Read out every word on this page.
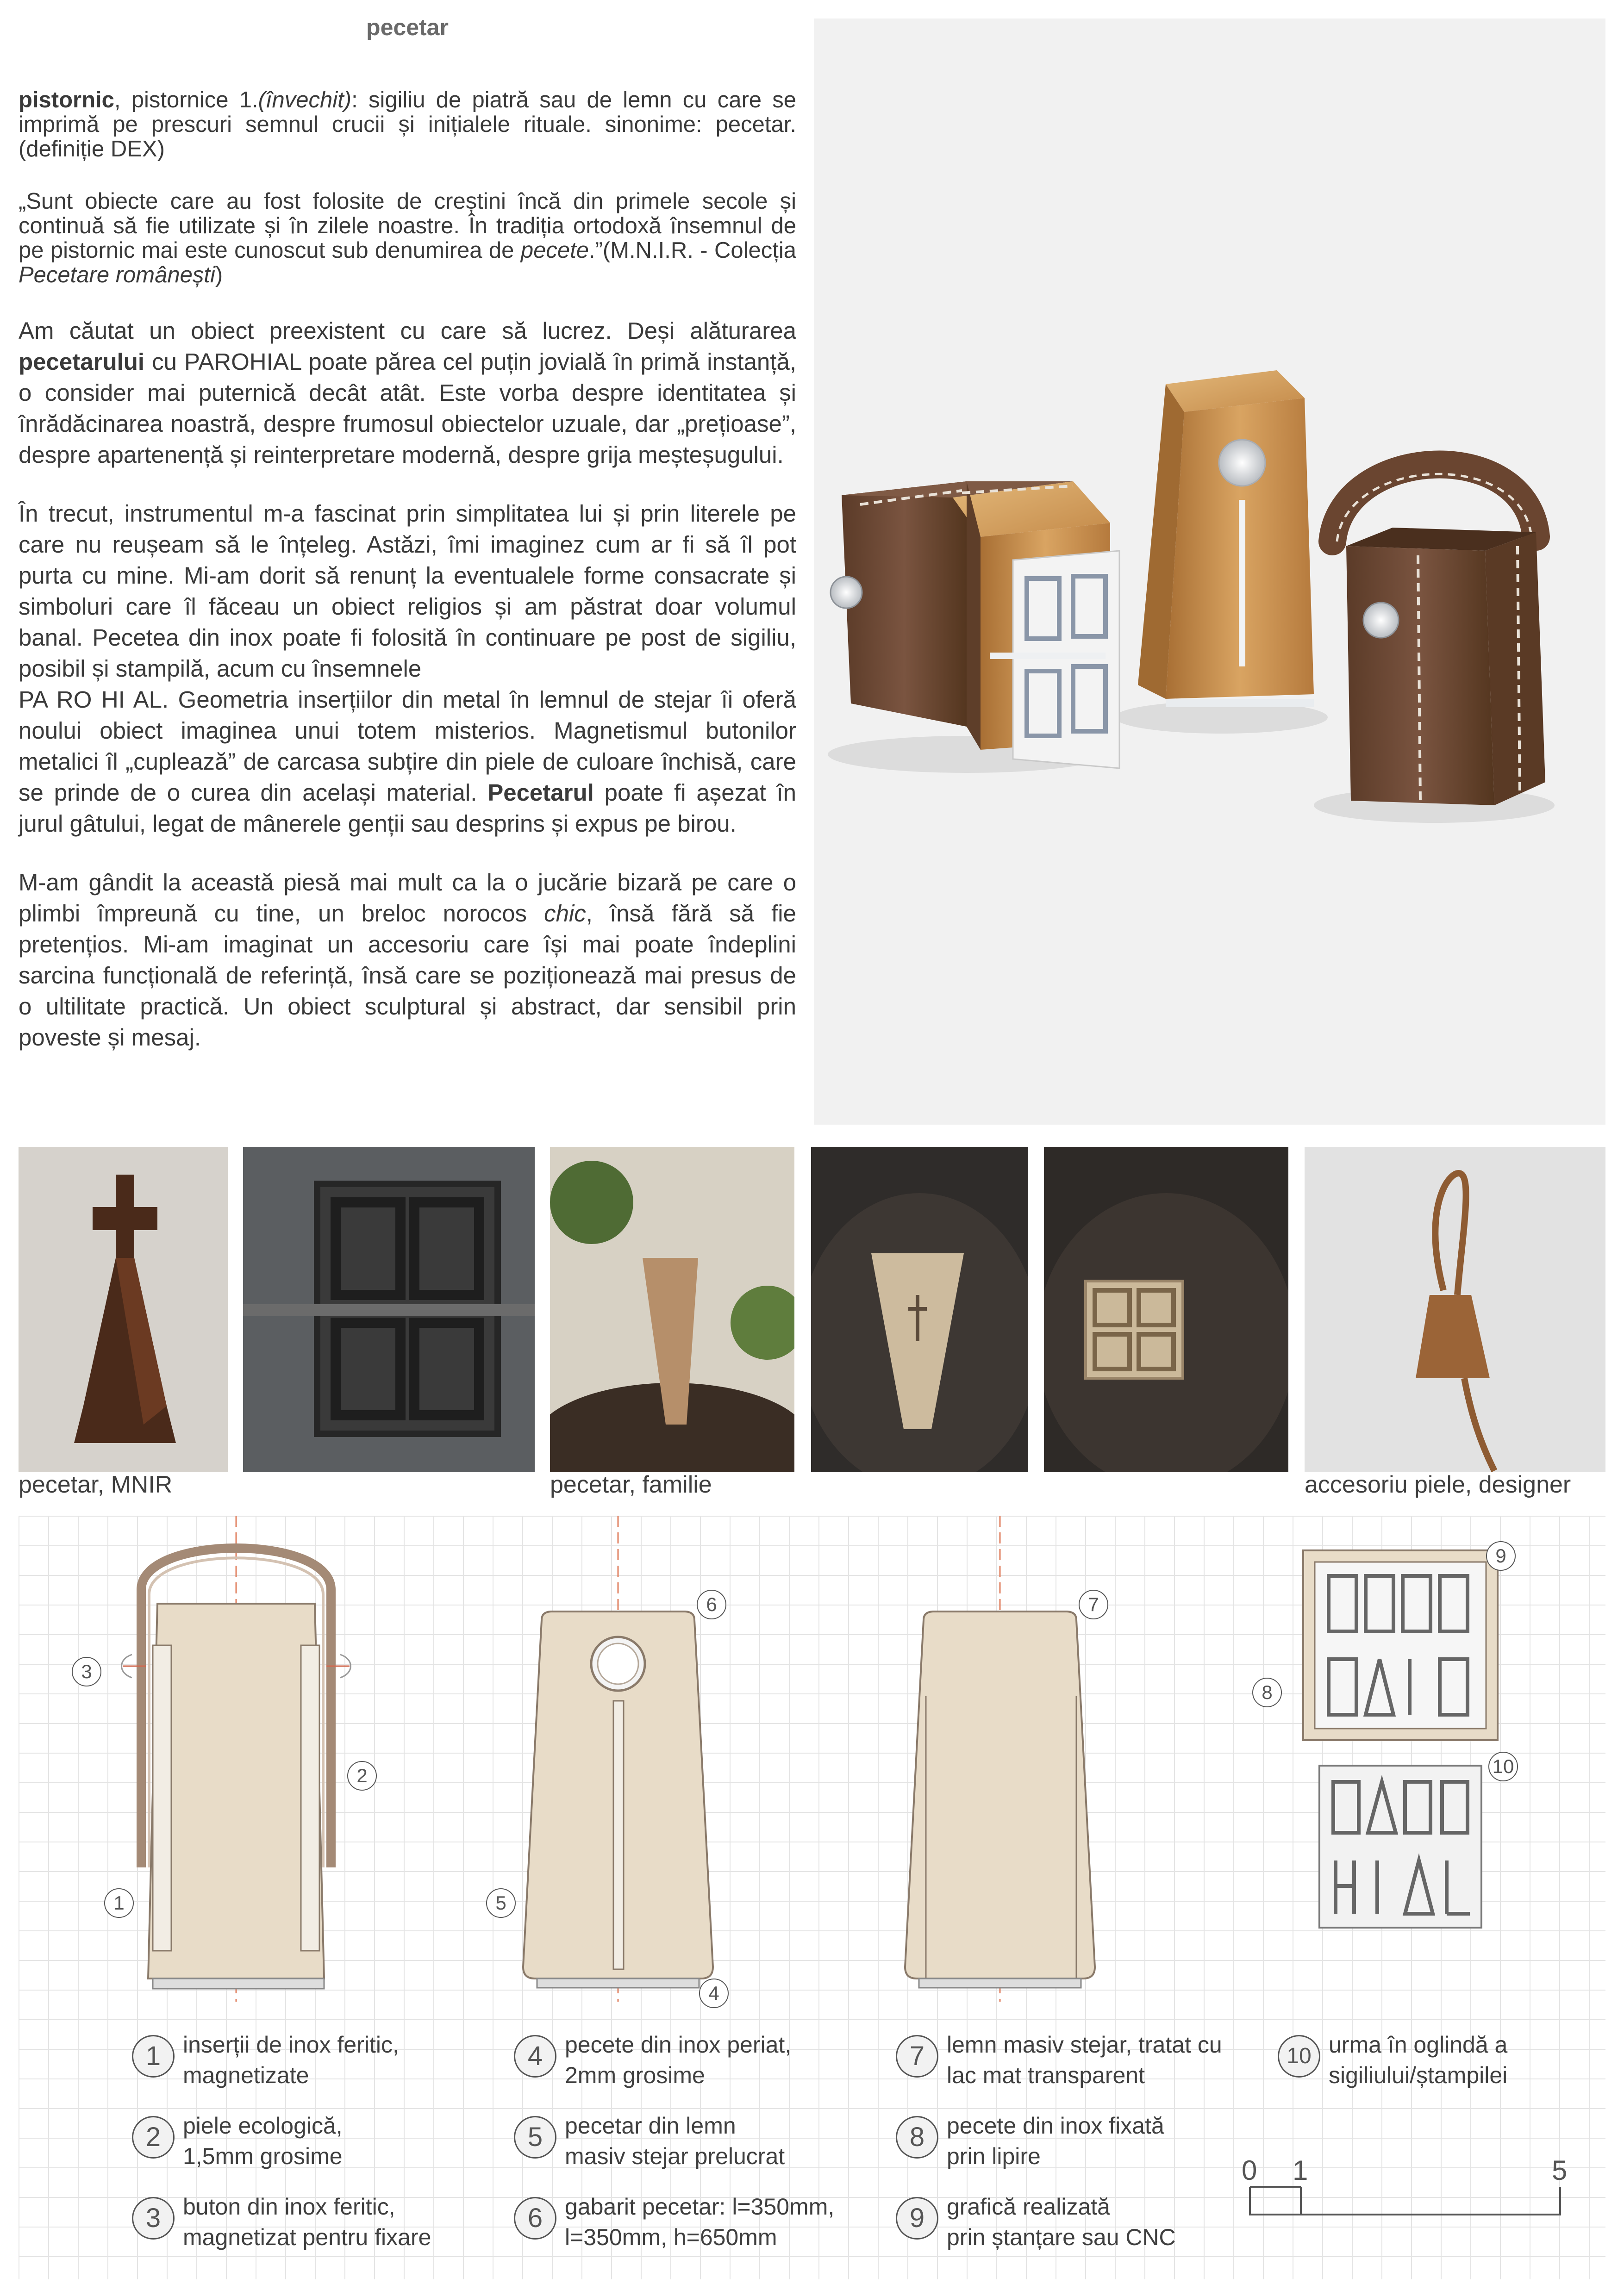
pecetar

pistornic, pistornice 1.(învechit): sigiliu de piatră sau de lemn cu care se imprimă pe prescuri semnul crucii și inițialele rituale. sinonime: pecetar. (definiție DEX)

„Sunt obiecte care au fost folosite de creștini încă din primele secole și continuă să fie utilizate și în zilele noastre. În tradiția ortodoxă însemnul de pe pistornic mai este cunoscut sub denumirea de pecete.”(M.N.I.R. - Colecția Pecetare românești)

Am căutat un obiect preexistent cu care să lucrez. Deși alăturarea pecetarului cu PAROHIAL poate părea cel puțin jovială în primă instanță, o consider mai puternică decât atât. Este vorba despre identitatea și înrădăcinarea noastră, despre frumosul obiectelor uzuale, dar „prețioase”, despre apartenență și reinterpretare modernă, despre grija meșteșugului.

În trecut, instrumentul m-a fascinat prin simplitatea lui și prin literele pe care nu reușeam să le înțeleg. Astăzi, îmi imaginez cum ar fi să îl pot purta cu mine. Mi-am dorit să renunț la eventualele forme consacrate și simboluri care îl făceau un obiect religios și am păstrat doar volumul banal. Pecetea din inox poate fi folosită în continuare pe post de sigiliu, posibil și stampilă, acum cu însemnele
PA RO HI AL. Geometria inserțiilor din metal în lemnul de stejar îi oferă noului obiect imaginea unui totem misterios. Magnetismul butonilor metalici îl „cuplează” de carcasa subțire din piele de culoare închisă, care se prinde de o curea din același material. Pecetarul poate fi așezat în jurul gâtului, legat de mânerele genții sau desprins și expus pe birou.

M-am gândit la această piesă mai mult ca la o jucărie bizară pe care o plimbi împreună cu tine, un breloc norocos chic, însă fără să fie pretențios. Mi-am imaginat un accesoriu care își mai poate îndeplini sarcina funcțională de referință, însă care se poziționează mai presus de o ultilitate practică. Un obiect sculptural și abstract, dar sensibil prin poveste și mesaj.

pecetar, MNIR	pecetar, familie	accesoriu piele, designer
3
2
1
6
5
4
7
9
8
10
1 inserții de inox feritic,
magnetizate
2 piele ecologică,
1,5mm grosime
3 buton din inox feritic,
magnetizat pentru fixare
4 pecete din inox periat,
2mm grosime
5 pecetar din lemn
masiv stejar prelucrat
6 gabarit pecetar: l=350mm,
l=350mm, h=650mm
7 lemn masiv stejar, tratat cu
lac mat transparent
8 pecete din inox fixată
prin lipire
9 grafică realizată
prin ștanțare sau CNC
10 urma în oglindă a
sigiliului/ștampilei
0 1	5
